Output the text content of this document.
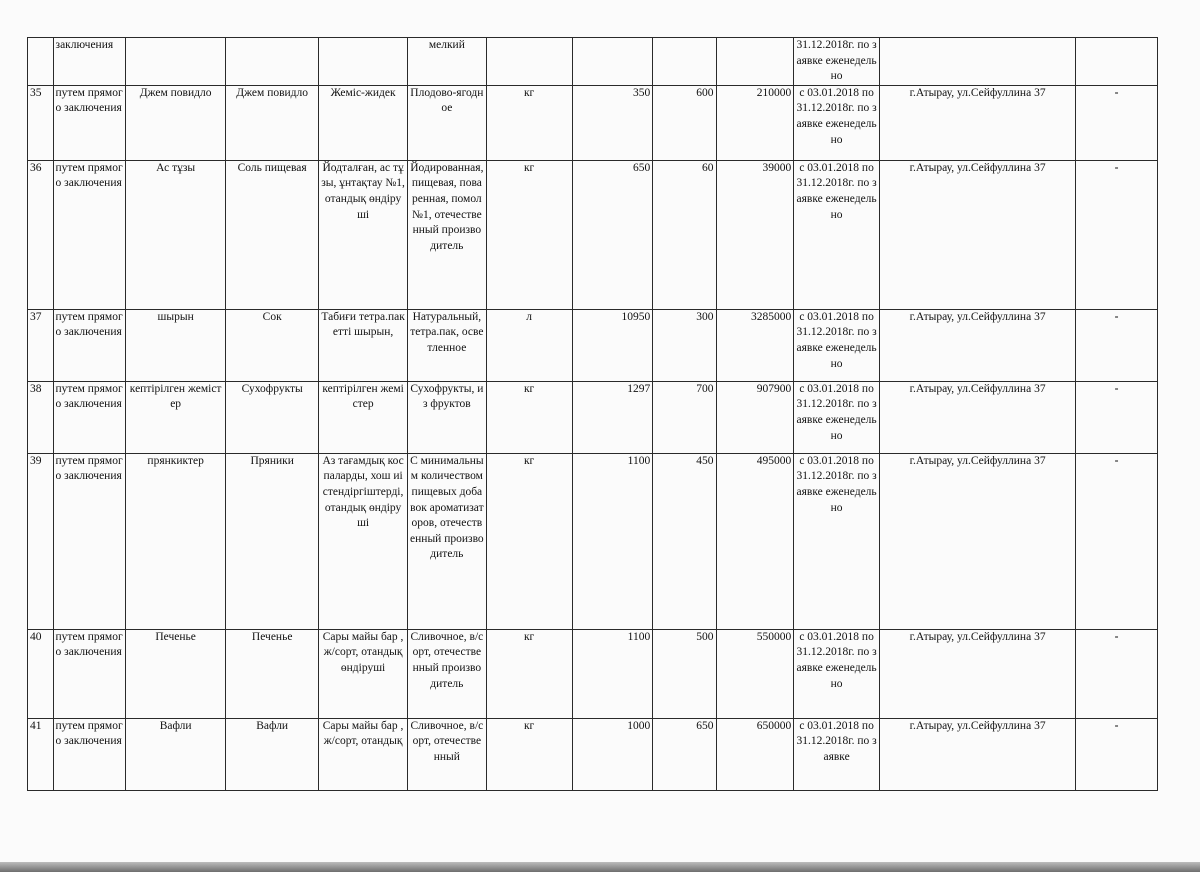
	заключения				мелкий					31.12.2018г. по заявке еженедельно		
35	путем прямого заключения	Джем повидло	Джем повидло	Жеміс-жидек	Плодово-ягодное	кг	350	600	210000	с 03.01.2018 по 31.12.2018г. по заявке еженедельно	г.Атырау, ул.Сейфуллина 37	-
36	путем прямого заключения	Ас тұзы	Соль пищевая	Йодталған, ас тұзы, ұнтақтау №1, отандық өндіруші	Йодированная, пищевая, поваренная, помол №1, отечественный производитель	кг	650	60	39000	с 03.01.2018 по 31.12.2018г. по заявке еженедельно	г.Атырау, ул.Сейфуллина 37	-
37	путем прямого заключения	шырын	Сок	Табиғи тетра.пакетті шырын,	Натуральный, тетра.пак, осветленное	л	10950	300	3285000	с 03.01.2018 по 31.12.2018г. по заявке еженедельно	г.Атырау, ул.Сейфуллина 37	-
38	путем прямого заключения	кептірілген жемістер	Сухофрукты	кептірілген жемістер	Сухофрукты, из фруктов	кг	1297	700	907900	с 03.01.2018 по 31.12.2018г. по заявке еженедельно	г.Атырау, ул.Сейфуллина 37	-
39	путем прямого заключения	прянкиктер	Пряники	Аз тағамдық коспаларды, хош иістендіргіштерді, отандық өндіруші	С минимальным количеством пищевых добавок ароматизаторов, отечественный производитель	кг	1100	450	495000	с 03.01.2018 по 31.12.2018г. по заявке еженедельно	г.Атырау, ул.Сейфуллина 37	-
40	путем прямого заключения	Печенье	Печенье	Сары майы бар , ж/сорт, отандық өндіруші	Сливочное, в/сорт, отечественный производитель	кг	1100	500	550000	с 03.01.2018 по 31.12.2018г. по заявке еженедельно	г.Атырау, ул.Сейфуллина 37	-
41	путем прямого заключения	Вафли	Вафли	Сары майы бар , ж/сорт, отандық	Сливочное, в/сорт, отечественный	кг	1000	650	650000	с 03.01.2018 по 31.12.2018г. по заявке	г.Атырау, ул.Сейфуллина 37	-
